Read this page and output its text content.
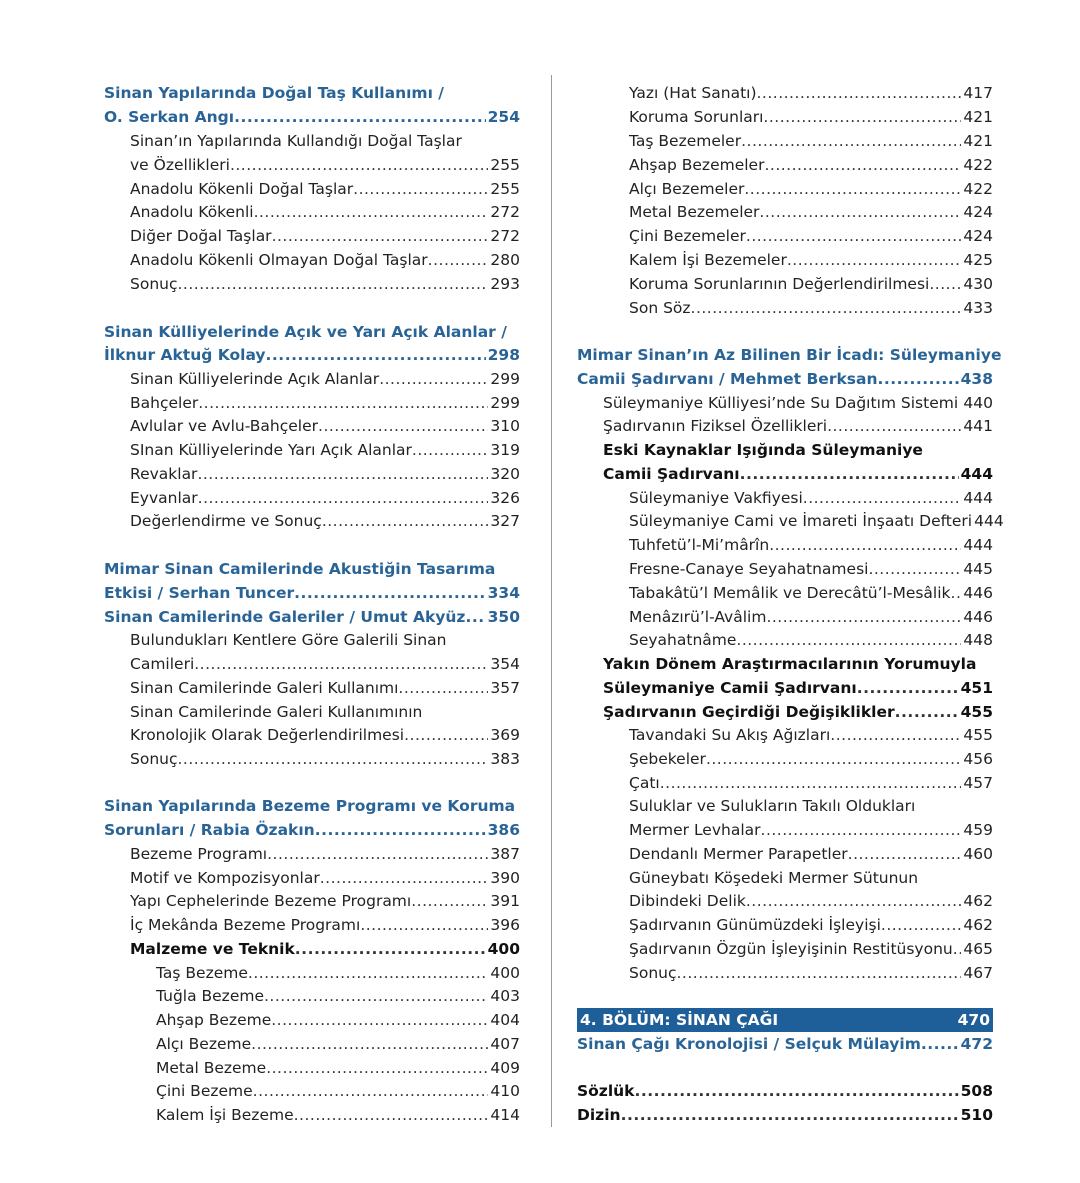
Sinan Yapılarında Doğal Taş Kullanımı /
O. Serkan Angı .....	254
Sinan’ın Yapılarında Kullandığı Doğal Taşlar
ve Özellikleri .....	255
Anadolu Kökenli Doğal Taşlar .....	255
Anadolu Kökenli .....	272
Diğer Doğal Taşlar .....	272
Anadolu Kökenli Olmayan Doğal Taşlar .....	280
Sonuç .....	293
Sinan Külliyelerinde Açık ve Yarı Açık Alanlar /
İlknur Aktuğ Kolay .....	298
Sinan Külliyelerinde Açık Alanlar .....	299
Bahçeler .....	299
Avlular ve Avlu-Bahçeler .....	310
SInan Külliyelerinde Yarı Açık Alanlar .....	319
Revaklar .....	320
Eyvanlar .....	326
Değerlendirme ve Sonuç .....	327
Mimar Sinan Camilerinde Akustiğin Tasarıma
Etkisi / Serhan Tuncer .....	334
Sinan Camilerinde Galeriler / Umut Akyüz ..... 350
Bulundukları Kentlere Göre Galerili Sinan
Camileri .....	354
Sinan Camilerinde Galeri Kullanımı .....	357
Sinan Camilerinde Galeri Kullanımının
Kronolojik Olarak Değerlendirilmesi .....	369
Sonuç .....	383
Sinan Yapılarında Bezeme Programı ve Koruma
Sorunları / Rabia Özakın .....	386
Bezeme Programı .....	387
Motif ve Kompozisyonlar .....	390
Yapı Cephelerinde Bezeme Programı .....	391
İç Mekânda Bezeme Programı .....	396
Malzeme ve Teknik .....	400
Taş Bezeme .....	400
Tuğla Bezeme .....	403
Ahşap Bezeme .....	404
Alçı Bezeme .....	407
Metal Bezeme .....	409
Çini Bezeme .....	410
Kalem İşi Bezeme .....	414
Yazı (Hat Sanatı) .....	417
Koruma Sorunları .....	421
Taş Bezemeler .....	421
Ahşap Bezemeler .....	422
Alçı Bezemeler .....	422
Metal Bezemeler .....	424
Çini Bezemeler .....	424
Kalem İşi Bezemeler .....	425
Koruma Sorunlarının Değerlendirilmesi ..... 430
Son Söz .....	433
Mimar Sinan’ın Az Bilinen Bir İcadı: Süleymaniye
Camii Şadırvanı / Mehmet Berksan .....	438
Süleymaniye Külliyesi’nde Su Dağıtım Sistemi 440
Şadırvanın Fiziksel Özellikleri .....	441
Eski Kaynaklar Işığında Süleymaniye
Camii Şadırvanı .....	444
Süleymaniye Vakfiyesi .....	444
Süleymaniye Cami ve İmareti İnşaatı Defteri 444
Tuhfetü’l-Mi’mârîn .....	444
Fresne-Canaye Seyahatnamesi .....	445
Tabakâtü’l Memâlik ve Derecâtü’l-Mesâlik ..... 446
Menâzırü’l-Avâlim .....	446
Seyahatnâme .....	448
Yakın Dönem Araştırmacılarının Yorumuyla
Süleymaniye Camii Şadırvanı .....	451
Şadırvanın Geçirdiği Değişiklikler .....	455
Tavandaki Su Akış Ağızları .....	455
Şebekeler .....	456
Çatı .....	457
Suluklar ve Sulukların Takılı Oldukları
Mermer Levhalar .....	459
Dendanlı Mermer Parapetler .....	460
Güneybatı Köşedeki Mermer Sütunun
Dibindeki Delik .....	462
Şadırvanın Günümüzdeki İşleyişi .....	462
Şadırvanın Özgün İşleyişinin Restitüsyonu ..... 465
Sonuç .....	467
4. BÖLÜM: SİNAN ÇAĞI	470
Sinan Çağı Kronolojisi / Selçuk Mülayim .....	472
Sözlük .....	508
Dizin .....	510
